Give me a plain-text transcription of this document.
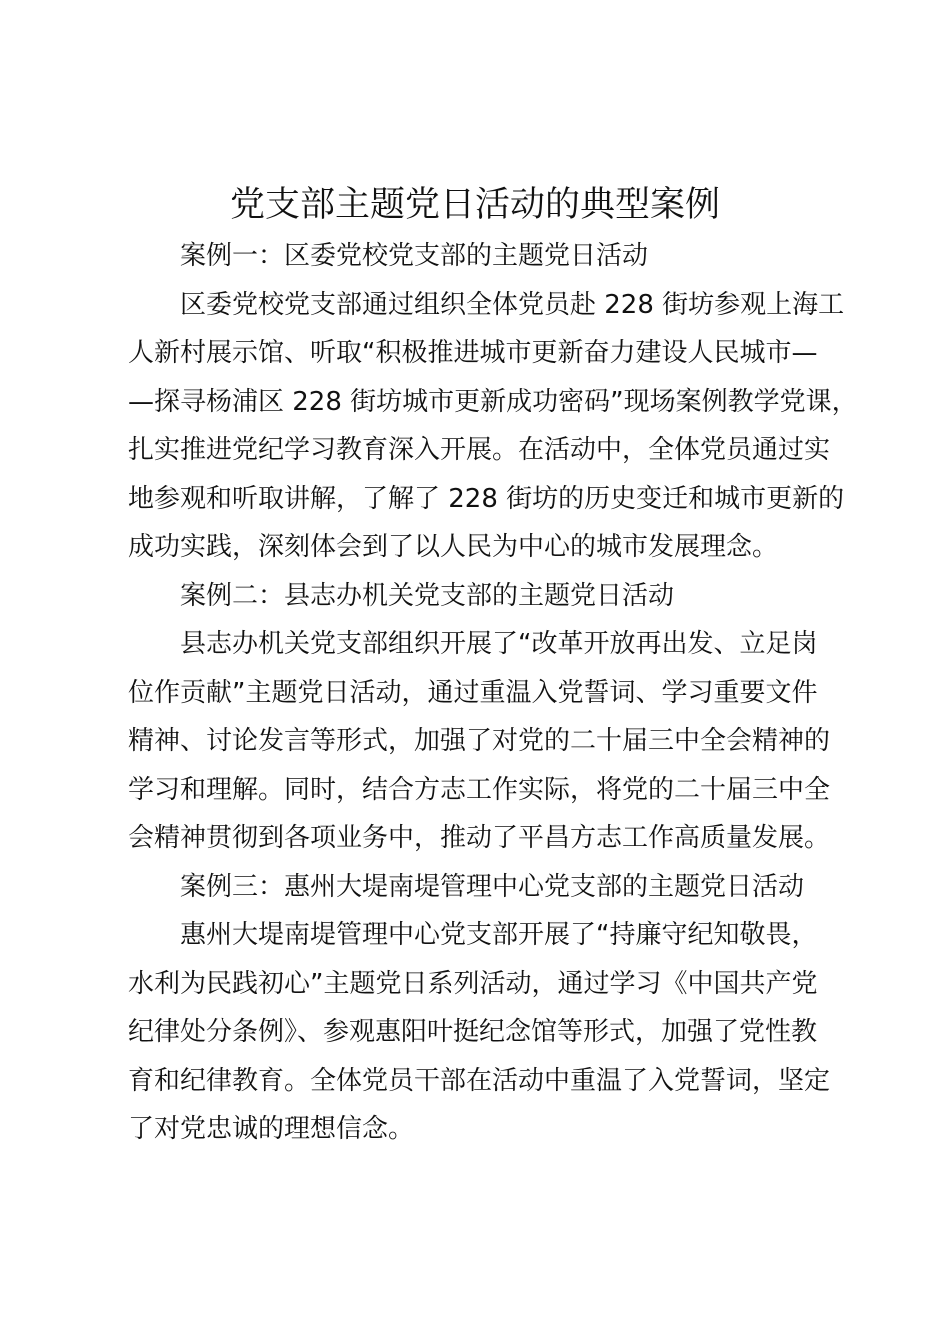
党支部主题党日活动的典型案例
案例一：区委党校党支部的主题党日活动
区委党校党支部通过组织全体党员赴 228 街坊参观上海工
人新村展示馆、听取“积极推进城市更新奋力建设人民城市—
—探寻杨浦区 228 街坊城市更新成功密码”现场案例教学党课，
扎实推进党纪学习教育深入开展。在活动中，全体党员通过实
地参观和听取讲解，了解了 228 街坊的历史变迁和城市更新的
成功实践，深刻体会到了以人民为中心的城市发展理念。
案例二：县志办机关党支部的主题党日活动
县志办机关党支部组织开展了“改革开放再出发、立足岗
位作贡献”主题党日活动，通过重温入党誓词、学习重要文件
精神、讨论发言等形式，加强了对党的二十届三中全会精神的
学习和理解。同时，结合方志工作实际，将党的二十届三中全
会精神贯彻到各项业务中，推动了平昌方志工作高质量发展。
案例三：惠州大堤南堤管理中心党支部的主题党日活动
惠州大堤南堤管理中心党支部开展了“持廉守纪知敬畏，
水利为民践初心”主题党日系列活动，通过学习《中国共产党
纪律处分条例》、参观惠阳叶挺纪念馆等形式，加强了党性教
育和纪律教育。全体党员干部在活动中重温了入党誓词，坚定
了对党忠诚的理想信念。
